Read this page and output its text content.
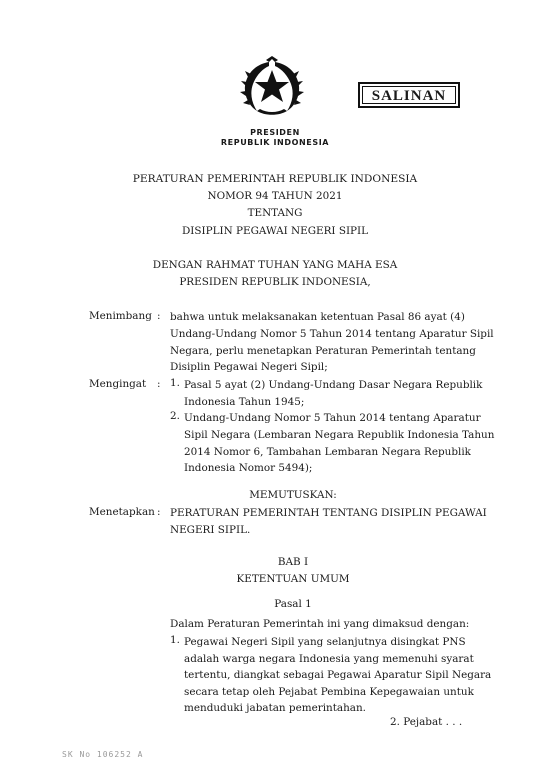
SALINAN
PRESIDEN
REPUBLIK INDONESIA
PERATURAN PEMERINTAH REPUBLIK INDONESIA
NOMOR 94 TAHUN 2021
TENTANG
DISIPLIN PEGAWAI NEGERI SIPIL
DENGAN RAHMAT TUHAN YANG MAHA ESA
PRESIDEN REPUBLIK INDONESIA,
Menimbang : bahwa untuk melaksanakan ketentuan Pasal 86 ayat (4)
Undang-Undang Nomor 5 Tahun 2014 tentang Aparatur Sipil
Negara, perlu menetapkan Peraturan Pemerintah tentang
Disiplin Pegawai Negeri Sipil;
Mengingat : 1. Pasal 5 ayat (2) Undang-Undang Dasar Negara Republik
Indonesia Tahun 1945;
2. Undang-Undang Nomor 5 Tahun 2014 tentang Aparatur
Sipil Negara (Lembaran Negara Republik Indonesia Tahun
2014 Nomor 6, Tambahan Lembaran Negara Republik
Indonesia Nomor 5494);
MEMUTUSKAN:
Menetapkan : PERATURAN PEMERINTAH TENTANG DISIPLIN PEGAWAI
NEGERI SIPIL.
BAB I
KETENTUAN UMUM
Pasal 1
Dalam Peraturan Pemerintah ini yang dimaksud dengan:
1. Pegawai Negeri Sipil yang selanjutnya disingkat PNS
adalah warga negara Indonesia yang memenuhi syarat
tertentu, diangkat sebagai Pegawai Aparatur Sipil Negara
secara tetap oleh Pejabat Pembina Kepegawaian untuk
menduduki jabatan pemerintahan.
2. Pejabat . . .
SK No 106252 A
